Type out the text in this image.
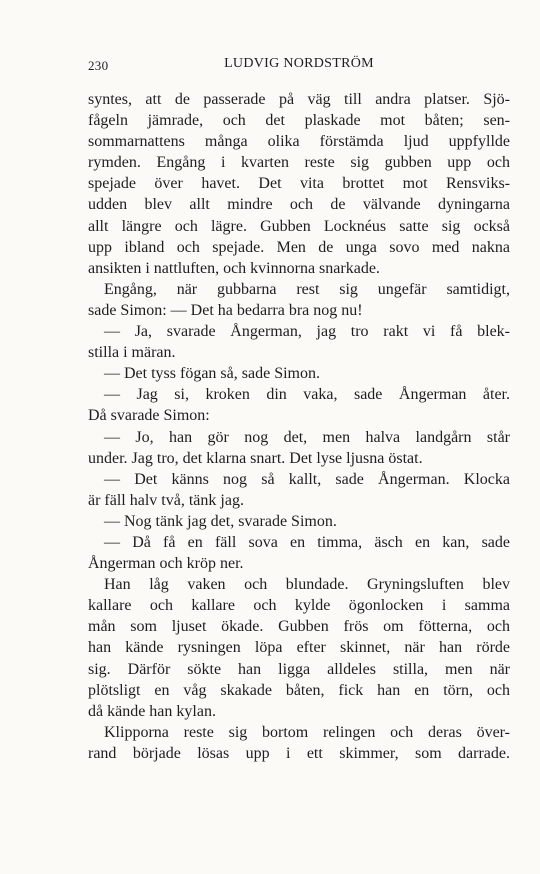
230	LUDVIG NORDSTRÖM
syntes, att de passerade på väg till andra platser. Sjö-
fågeln jämrade, och det plaskade mot båten; sen-
sommarnattens många olika förstämda ljud uppfyllde
rymden. Engång i kvarten reste sig gubben upp och
spejade över havet. Det vita brottet mot Rensviks-
udden blev allt mindre och de välvande dyningarna
allt längre och lägre. Gubben Locknéus satte sig också
upp ibland och spejade. Men de unga sovo med nakna
ansikten i nattluften, och kvinnorna snarkade.
Engång, när gubbarna rest sig ungefär samtidigt,
sade Simon: — Det ha bedarra bra nog nu!
— Ja, svarade Ångerman, jag tro rakt vi få blek-
stilla i märan.
— Det tyss fögan så, sade Simon.
— Jag si, kroken din vaka, sade Ångerman åter.
Då svarade Simon:
— Jo, han gör nog det, men halva landgårn står
under. Jag tro, det klarna snart. Det lyse ljusna östat.
— Det känns nog så kallt, sade Ångerman. Klocka
är fäll halv två, tänk jag.
— Nog tänk jag det, svarade Simon.
— Då få en fäll sova en timma, äsch en kan, sade
Ångerman och kröp ner.
Han låg vaken och blundade. Gryningsluften blev
kallare och kallare och kylde ögonlocken i samma
mån som ljuset ökade. Gubben frös om fötterna, och
han kände rysningen löpa efter skinnet, när han rörde
sig. Därför sökte han ligga alldeles stilla, men när
plötsligt en våg skakade båten, fick han en törn, och
då kände han kylan.
Klipporna reste sig bortom relingen och deras över-
rand började lösas upp i ett skimmer, som darrade.
